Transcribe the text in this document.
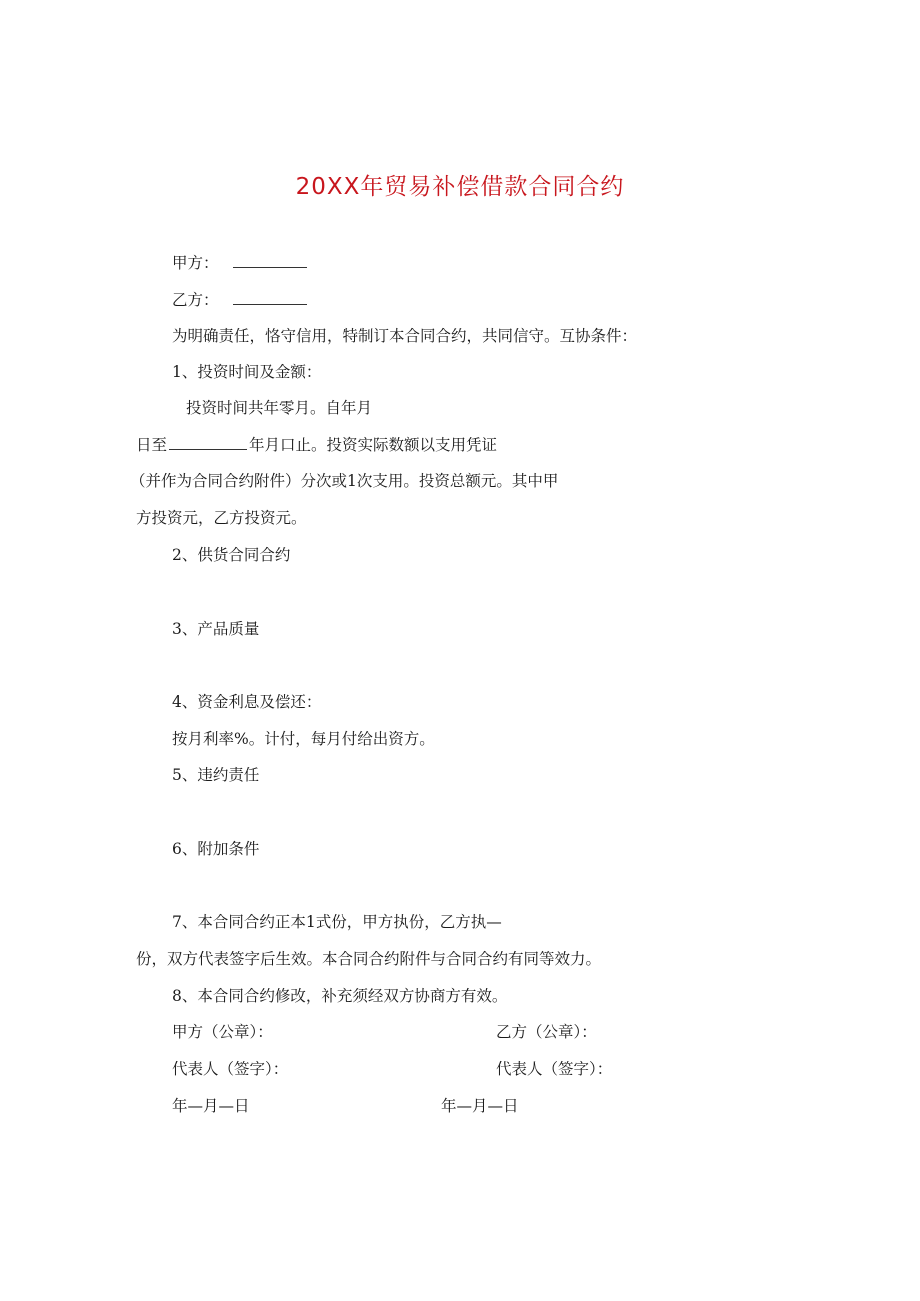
20XX年贸易补偿借款合同合约

甲方：

乙方：

为明确责任，恪守信用，特制订本合同合约，共同信守。互协条件：

1、投资时间及金额：

投资时间共年零月。自年月

日至	年月口止。投资实际数额以支用凭证

（并作为合同合约附件）分次或1次支用。投资总额元。其中甲

方投资元，乙方投资元。

2、供货合同合约

3、产品质量

4、资金利息及偿还：

按月利率%。计付，每月付给出资方。

5、违约责任

6、附加条件

7、本合同合约正本1式份，甲方执份，乙方执—

份，双方代表签字后生效。本合同合约附件与合同合约有同等效力。

8、本合同合约修改，补充须经双方协商方有效。

甲方（公章）：	乙方（公章）：

代表人（签字）：	代表人（签字）：

年—月—日	年—月—日
